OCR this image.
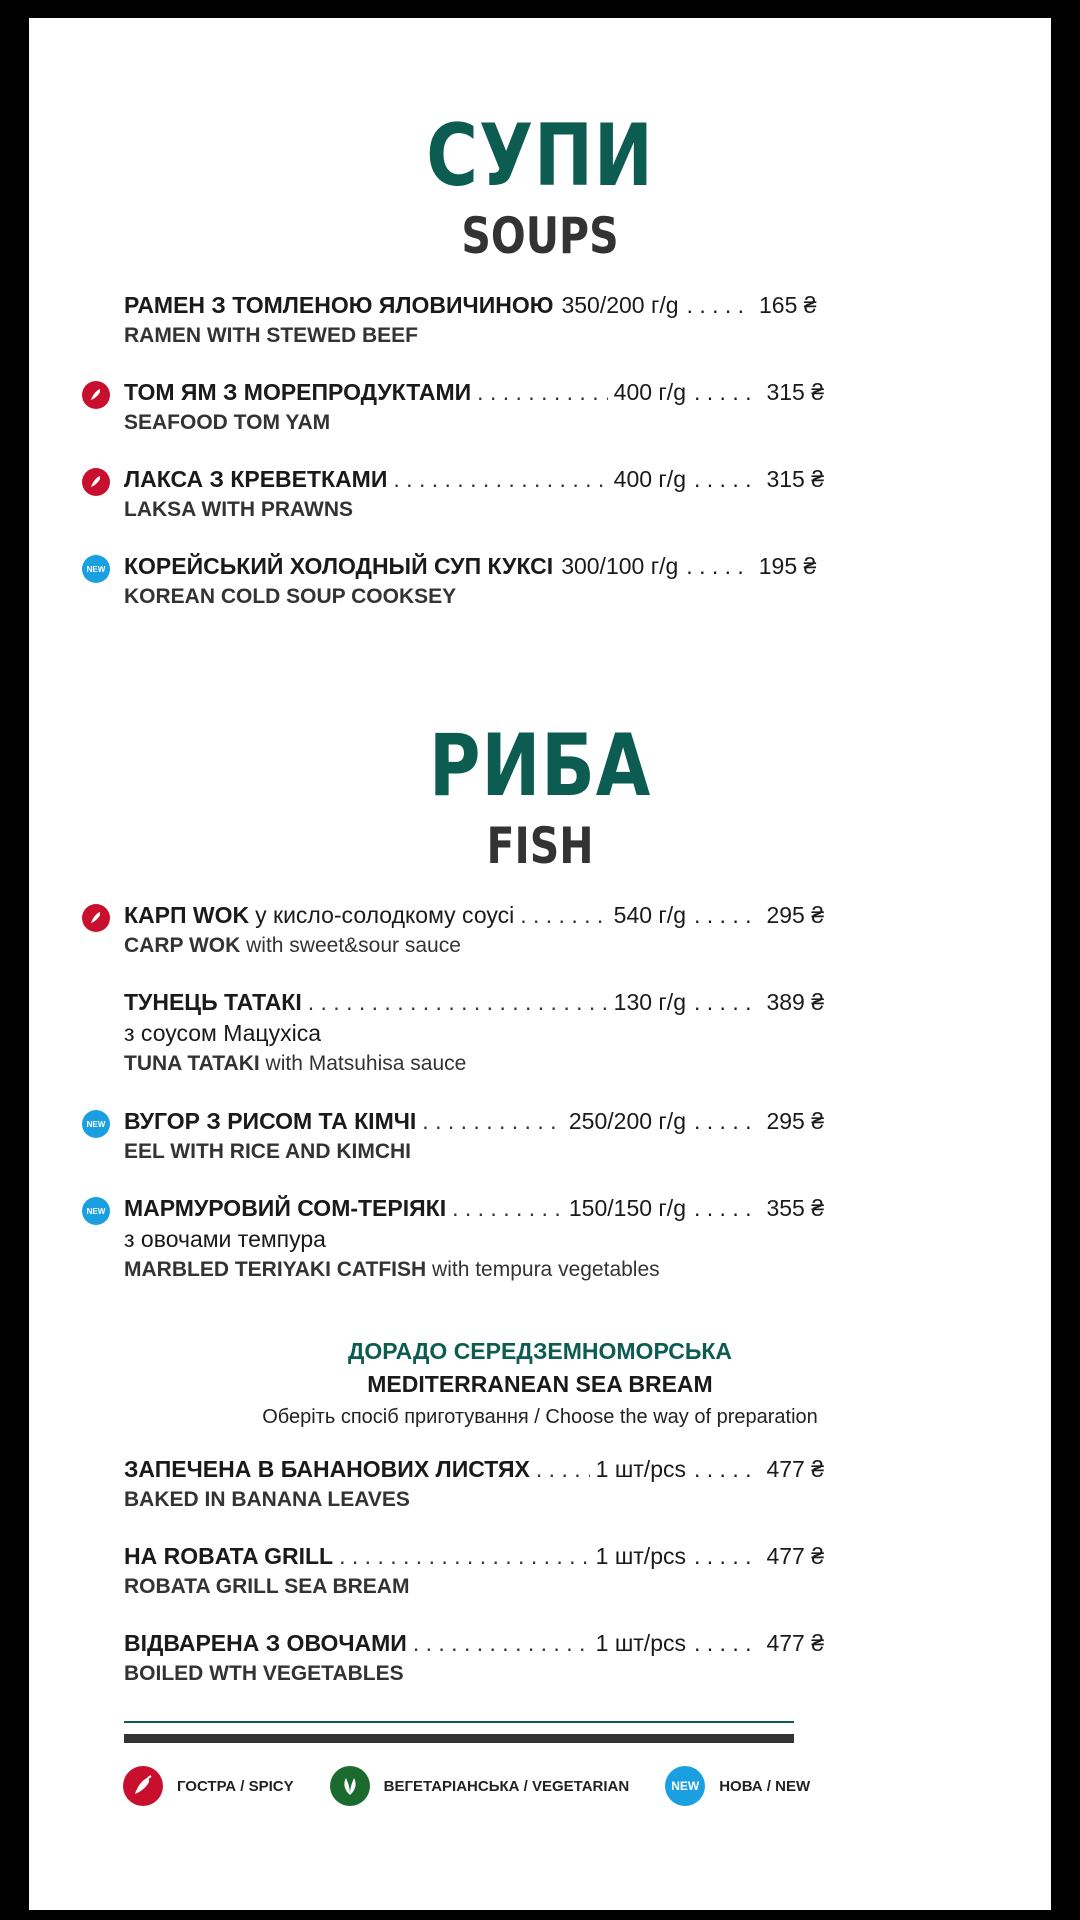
СУПИ
SOUPS
РАМЕН З ТОМЛЕНОЮ ЯЛОВИЧИНОЮ 350/200 г/g . . .	165 ₴
RAMEN WITH STEWED BEEF
ТОМ ЯМ З МОРЕПРОДУКТАМИ . . .	400 г/g . . .	315 ₴
SEAFOOD TOM YAM
ЛАКСА З КРЕВЕТКАМИ . . .	400 г/g . . .	315 ₴
LAKSA WITH PRAWNS
NEW КОРЕЙСЬКИЙ ХОЛОДНЫЙ СУП КУКСІ 300/100 г/g . . .	195 ₴
KOREAN COLD SOUP COOKSEY
РИБА
FISH
КАРП WOK у кисло-солодкому соусі . . .	540 г/g . . .	295 ₴
CARP WOK with sweet&sour sauce
ТУНЕЦЬ ТАТАКІ . . .	130 г/g . . .	389 ₴
з соусом Мацухіса
TUNA TATAKI with Matsuhisa sauce
NEW ВУГОР З РИСОМ ТА КІМЧІ . . .	250/200 г/g . . .	295 ₴
EEL WITH RICE AND KIMCHI
NEW МАРМУРОВИЙ СОМ-ТЕРІЯКІ . . .	150/150 г/g . . .	355 ₴
з овочами темпура
MARBLED TERIYAKI CATFISH with tempura vegetables
ДОРАДО СЕРЕДЗЕМНОМОРСЬКА
MEDITERRANEAN SEA BREAM
Оберіть спосіб приготування / Choose the way of preparation
ЗАПЕЧЕНА В БАНАНОВИХ ЛИСТЯХ . . .	1 шт/pcs . . .	477 ₴
BAKED IN BANANA LEAVES
НА ROBATA GRILL . . .	1 шт/pcs . . .	477 ₴
ROBATA GRILL SEA BREAM
ВІДВАРЕНА З ОВОЧАМИ . . .	1 шт/pcs . . .	477 ₴
BOILED WTH VEGETABLES
ГОСТРА / SPICY	ВЕГЕТАРІАНСЬКА / VEGETARIAN	NEW	НОВА / NEW
